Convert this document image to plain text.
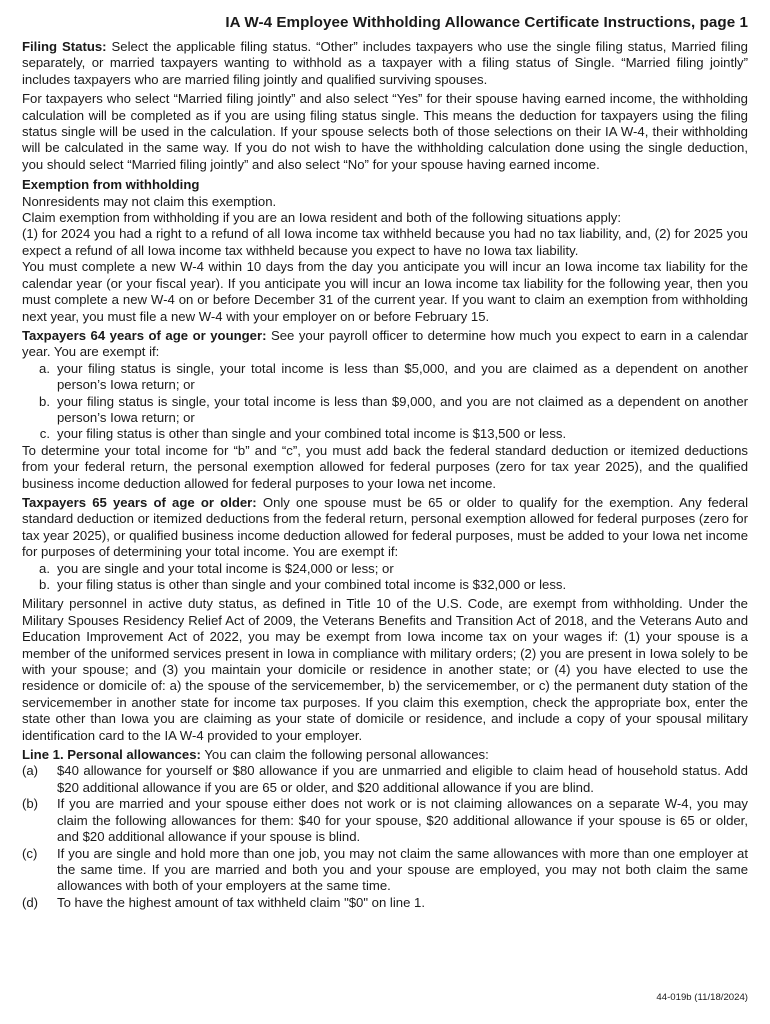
IA W-4 Employee Withholding Allowance Certificate Instructions, page 1

Filing Status: Select the applicable filing status. “Other” includes taxpayers who use the single filing status, Married filing separately, or married taxpayers wanting to withhold as a taxpayer with a filing status of Single. “Married filing jointly” includes taxpayers who are married filing jointly and qualified surviving spouses.

For taxpayers who select “Married filing jointly” and also select “Yes” for their spouse having earned income, the withholding calculation will be completed as if you are using filing status single. This means the deduction for taxpayers using the filing status single will be used in the calculation. If your spouse selects both of those selections on their IA W-4, their withholding will be calculated in the same way. If you do not wish to have the withholding calculation done using the single deduction, you should select “Married filing jointly” and also select “No” for your spouse having earned income.

Exemption from withholding

Nonresidents may not claim this exemption.

Claim exemption from withholding if you are an Iowa resident and both of the following situations apply:

(1) for 2024 you had a right to a refund of all Iowa income tax withheld because you had no tax liability, and, (2) for 2025 you expect a refund of all Iowa income tax withheld because you expect to have no Iowa tax liability.

You must complete a new W-4 within 10 days from the day you anticipate you will incur an Iowa income tax liability for the calendar year (or your fiscal year). If you anticipate you will incur an Iowa income tax liability for the following year, then you must complete a new W-4 on or before December 31 of the current year. If you want to claim an exemption from withholding next year, you must file a new W-4 with your employer on or before February 15.

Taxpayers 64 years of age or younger: See your payroll officer to determine how much you expect to earn in a calendar year. You are exempt if:

a. your filing status is single, your total income is less than $5,000, and you are claimed as a dependent on another person’s Iowa return; or
b. your filing status is single, your total income is less than $9,000, and you are not claimed as a dependent on another person’s Iowa return; or
c. your filing status is other than single and your combined total income is $13,500 or less.

To determine your total income for “b” and “c”, you must add back the federal standard deduction or itemized deductions from your federal return, the personal exemption allowed for federal purposes (zero for tax year 2025), and the qualified business income deduction allowed for federal purposes to your Iowa net income.

Taxpayers 65 years of age or older: Only one spouse must be 65 or older to qualify for the exemption. Any federal standard deduction or itemized deductions from the federal return, personal exemption allowed for federal purposes (zero for tax year 2025), or qualified business income deduction allowed for federal purposes, must be added to your Iowa net income for purposes of determining your total income. You are exempt if:

a. you are single and your total income is $24,000 or less; or
b. your filing status is other than single and your combined total income is $32,000 or less.

Military personnel in active duty status, as defined in Title 10 of the U.S. Code, are exempt from withholding. Under the Military Spouses Residency Relief Act of 2009, the Veterans Benefits and Transition Act of 2018, and the Veterans Auto and Education Improvement Act of 2022, you may be exempt from Iowa income tax on your wages if: (1) your spouse is a member of the uniformed services present in Iowa in compliance with military orders; (2) you are present in Iowa solely to be with your spouse; and (3) you maintain your domicile or residence in another state; or (4) you have elected to use the residence or domicile of: a) the spouse of the servicemember, b) the servicemember, or c) the permanent duty station of the servicemember in another state for income tax purposes. If you claim this exemption, check the appropriate box, enter the state other than Iowa you are claiming as your state of domicile or residence, and include a copy of your spousal military identification card to the IA W-4 provided to your employer.

Line 1. Personal allowances: You can claim the following personal allowances:

(a)	$40 allowance for yourself or $80 allowance if you are unmarried and eligible to claim head of household status. Add $20 additional allowance if you are 65 or older, and $20 additional allowance if you are blind.
(b)	If you are married and your spouse either does not work or is not claiming allowances on a separate W-4, you may claim the following allowances for them: $40 for your spouse, $20 additional allowance if your spouse is 65 or older, and $20 additional allowance if your spouse is blind.
(c)	If you are single and hold more than one job, you may not claim the same allowances with more than one employer at the same time. If you are married and both you and your spouse are employed, you may not both claim the same allowances with both of your employers at the same time.
(d)	To have the highest amount of tax withheld claim "$0" on line 1.
44-019b (11/18/2024)
